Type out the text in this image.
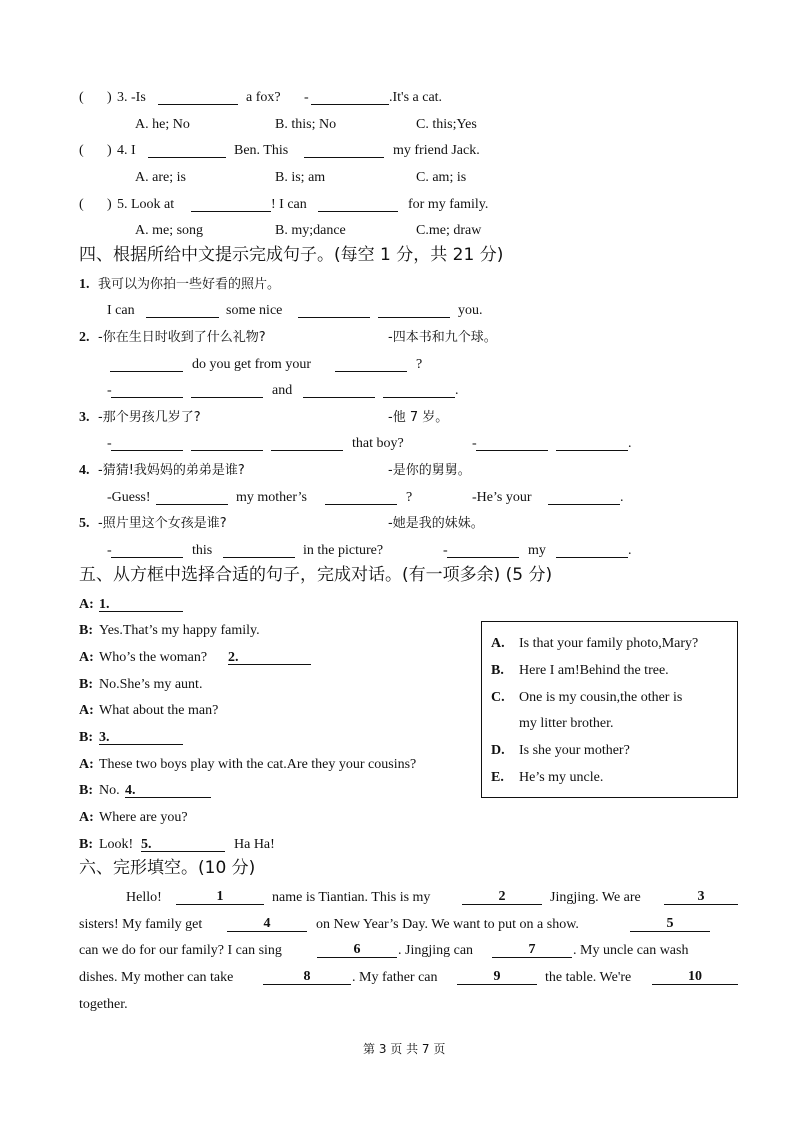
( ) 3. -Is	a fox? -	.It's a cat.
A. he; No	B. this; No	C. this;Yes
( ) 4. I	Ben. This	my friend Jack.
A. are; is	B. is; am	C. am; is
( ) 5. Look at	! I can	for my family.
A. me; song	B. my;dance	C.me; draw
四、根据所给中文提示完成句子。(每空 1 分，共 21 分)
1. 我可以为你拍一些好看的照片。
I can	some nice	you.
2. -你在生日时收到了什么礼物?	-四本书和九个球。
do you get from your	?
-	and	.
3. -那个男孩几岁了?	-他 7 岁。
-	that boy?	-	.
4. -猜猜!我妈妈的弟弟是谁?	-是你的舅舅。
-Guess!	my mother’s	?	-He’s your	.
5. -照片里这个女孩是谁?	-她是我的妹妹。
-	this	in the picture?	-	my	.
五、从方框中选择合适的句子，完成对话。(有一项多余) (5 分)
A: 1.
B: Yes.That’s my happy family.
A: Who’s the woman? 2.
B: No.She’s my aunt.
A: What about the man?
B: 3.
A: These two boys play with the cat.Are they your cousins?
B: No. 4.
A: Where are you?
B: Look! 5.	Ha Ha!
A. Is that your family photo,Mary?
B. Here I am!Behind the tree.
C. One is my cousin,the other is
my litter brother.
D. Is she your mother?
E. He’s my uncle.
六、完形填空。(10 分)
Hello!	1	name is Tiantian. This is my	2	Jingjing. We are	3
sisters! My family get	4	on New Year’s Day. We want to put on a show.	5
can we do for our family? I can sing	6	. Jingjing can	7	. My uncle can wash
dishes. My mother can take	8	. My father can	9	the table. We're	10
together.
第 3 页 共 7 页
